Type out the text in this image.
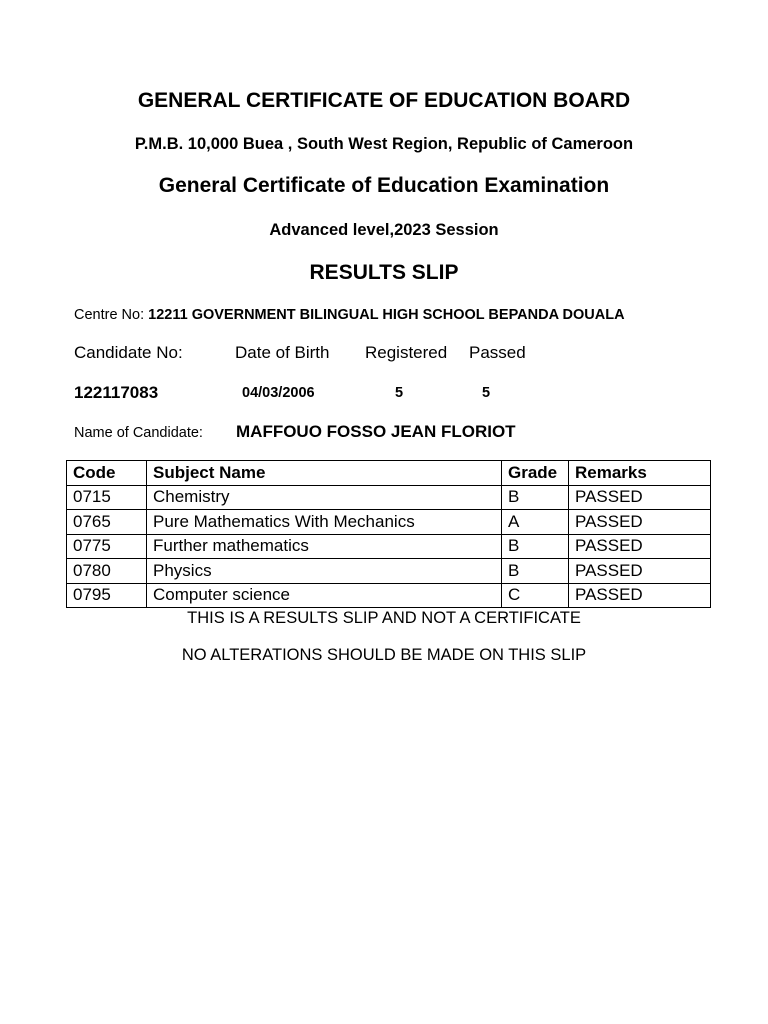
GENERAL CERTIFICATE OF EDUCATION BOARD

P.M.B. 10,000 Buea , South West Region, Republic of Cameroon

General Certificate of Education Examination

Advanced level,2023 Session

RESULTS SLIP

Centre No: 12211 GOVERNMENT BILINGUAL HIGH SCHOOL BEPANDA DOUALA

Candidate No:	Date of Birth Registered Passed
122117083	04/03/2006	5	5
Name of Candidate: MAFFOUO FOSSO JEAN FLORIOT
Code	Subject Name	Grade	Remarks
0715	Chemistry	B	PASSED
0765	Pure Mathematics With Mechanics	A	PASSED
0775	Further mathematics	B	PASSED
0780	Physics	B	PASSED
0795	Computer science	C	PASSED

THIS IS A RESULTS SLIP AND NOT A CERTIFICATE

NO ALTERATIONS SHOULD BE MADE ON THIS SLIP
